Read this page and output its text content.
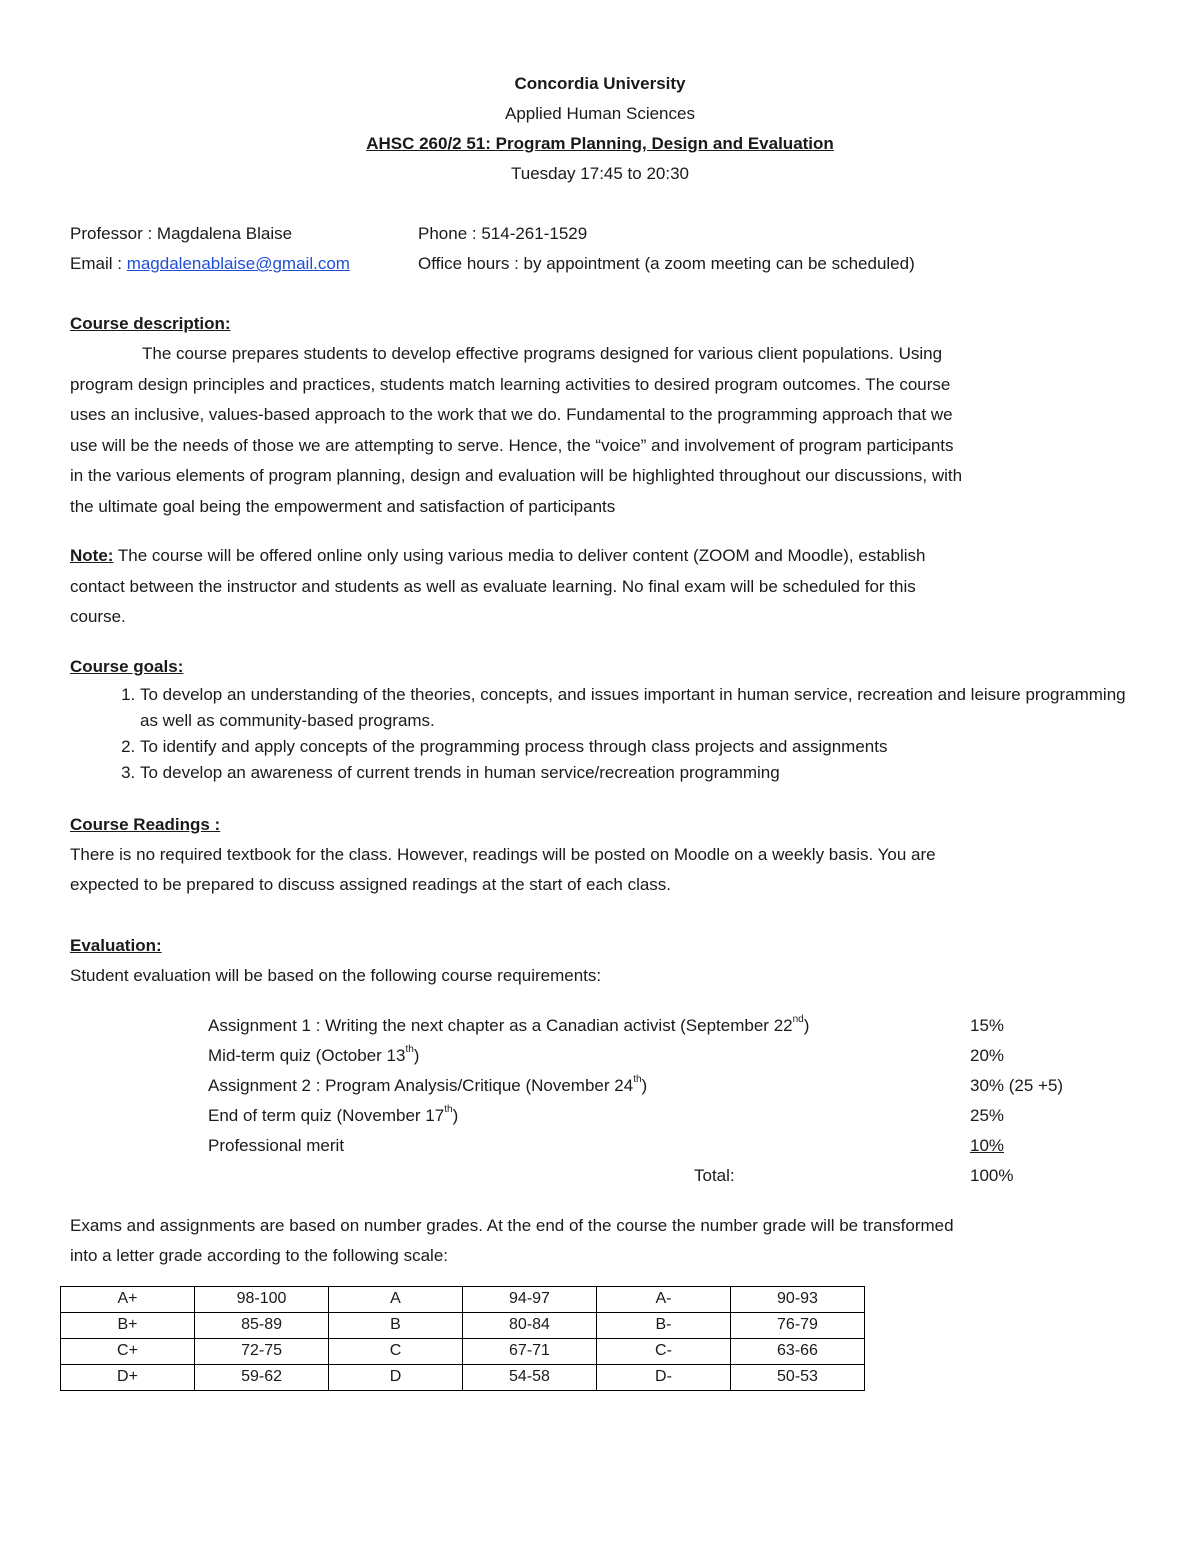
Concordia University
Applied Human Sciences
AHSC 260/2 51: Program Planning, Design and Evaluation
Tuesday 17:45 to 20:30
Professor : Magdalena Blaise	Phone : 514-261-1529
Email : magdalenablaise@gmail.com	Office hours : by appointment (a zoom meeting can be scheduled)
Course description:
The course prepares students to develop effective programs designed for various client populations. Using
program design principles and practices, students match learning activities to desired program outcomes. The course
uses an inclusive, values-based approach to the work that we do. Fundamental to the programming approach that we
use will be the needs of those we are attempting to serve. Hence, the “voice” and involvement of program participants
in the various elements of program planning, design and evaluation will be highlighted throughout our discussions, with
the ultimate goal being the empowerment and satisfaction of participants
Note: The course will be offered online only using various media to deliver content (ZOOM and Moodle), establish
contact between the instructor and students as well as evaluate learning. No final exam will be scheduled for this
course.
Course goals:
1. To develop an understanding of the theories, concepts, and issues important in human service, recreation and leisure programming as well as community-based programs.
2. To identify and apply concepts of the programming process through class projects and assignments
3. To develop an awareness of current trends in human service/recreation programming
Course Readings :
There is no required textbook for the class. However, readings will be posted on Moodle on a weekly basis. You are
expected to be prepared to discuss assigned readings at the start of each class.
Evaluation:
Student evaluation will be based on the following course requirements:
Assignment 1 : Writing the next chapter as a Canadian activist (September 22nd)	15%
Mid-term quiz (October 13th)	20%
Assignment 2 : Program Analysis/Critique (November 24th)	30% (25 +5)
End of term quiz (November 17th)	25%
Professional merit	10%
Total:	100%
Exams and assignments are based on number grades. At the end of the course the number grade will be transformed
into a letter grade according to the following scale:
A+	98-100	A	94-97	A-	90-93
B+	85-89	B	80-84	B-	76-79
C+	72-75	C	67-71	C-	63-66
D+	59-62	D	54-58	D-	50-53
